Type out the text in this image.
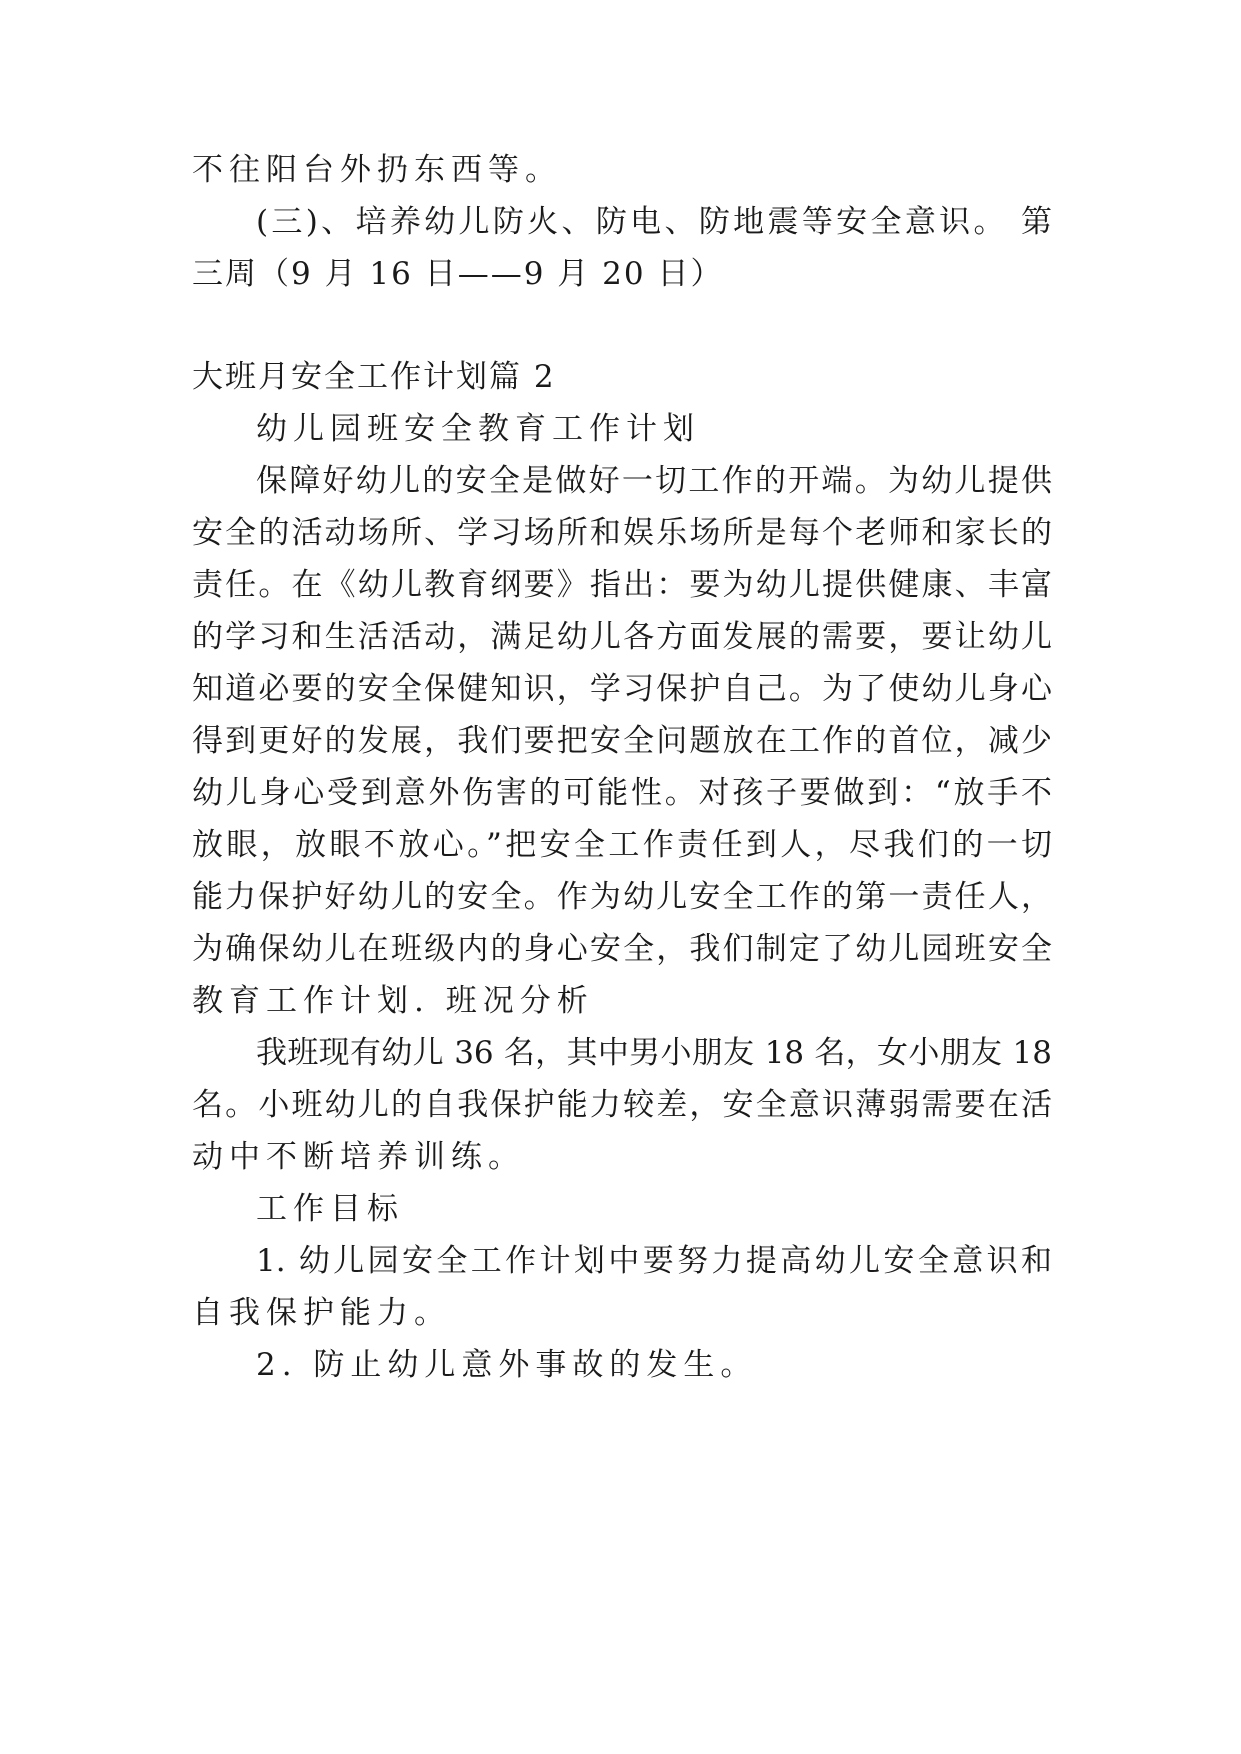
不往阳台外扔东西等。
(三)、培养幼儿防火、防电、防地震等安全意识。 第
三周（9 月 16 日——9 月 20 日）
大班月安全工作计划篇 2
幼儿园班安全教育工作计划
保障好幼儿的安全是做好一切工作的开端。为幼儿提供
安全的活动场所、学习场所和娱乐场所是每个老师和家长的
责任。在《幼儿教育纲要》指出：要为幼儿提供健康、丰富
的学习和生活活动，满足幼儿各方面发展的需要，要让幼儿
知道必要的安全保健知识，学习保护自己。为了使幼儿身心
得到更好的发展，我们要把安全问题放在工作的首位，减少
幼儿身心受到意外伤害的可能性。对孩子要做到：“放手不
放眼，放眼不放心。”把安全工作责任到人，尽我们的一切
能力保护好幼儿的安全。作为幼儿安全工作的第一责任人，
为确保幼儿在班级内的身心安全，我们制定了幼儿园班安全
教育工作计划. 班况分析
我班现有幼儿 36 名，其中男小朋友 18 名，女小朋友 18
名。小班幼儿的自我保护能力较差，安全意识薄弱需要在活
动中不断培养训练。
工作目标
1. 幼儿园安全工作计划中要努力提高幼儿安全意识和
自我保护能力。
2. 防止幼儿意外事故的发生。
